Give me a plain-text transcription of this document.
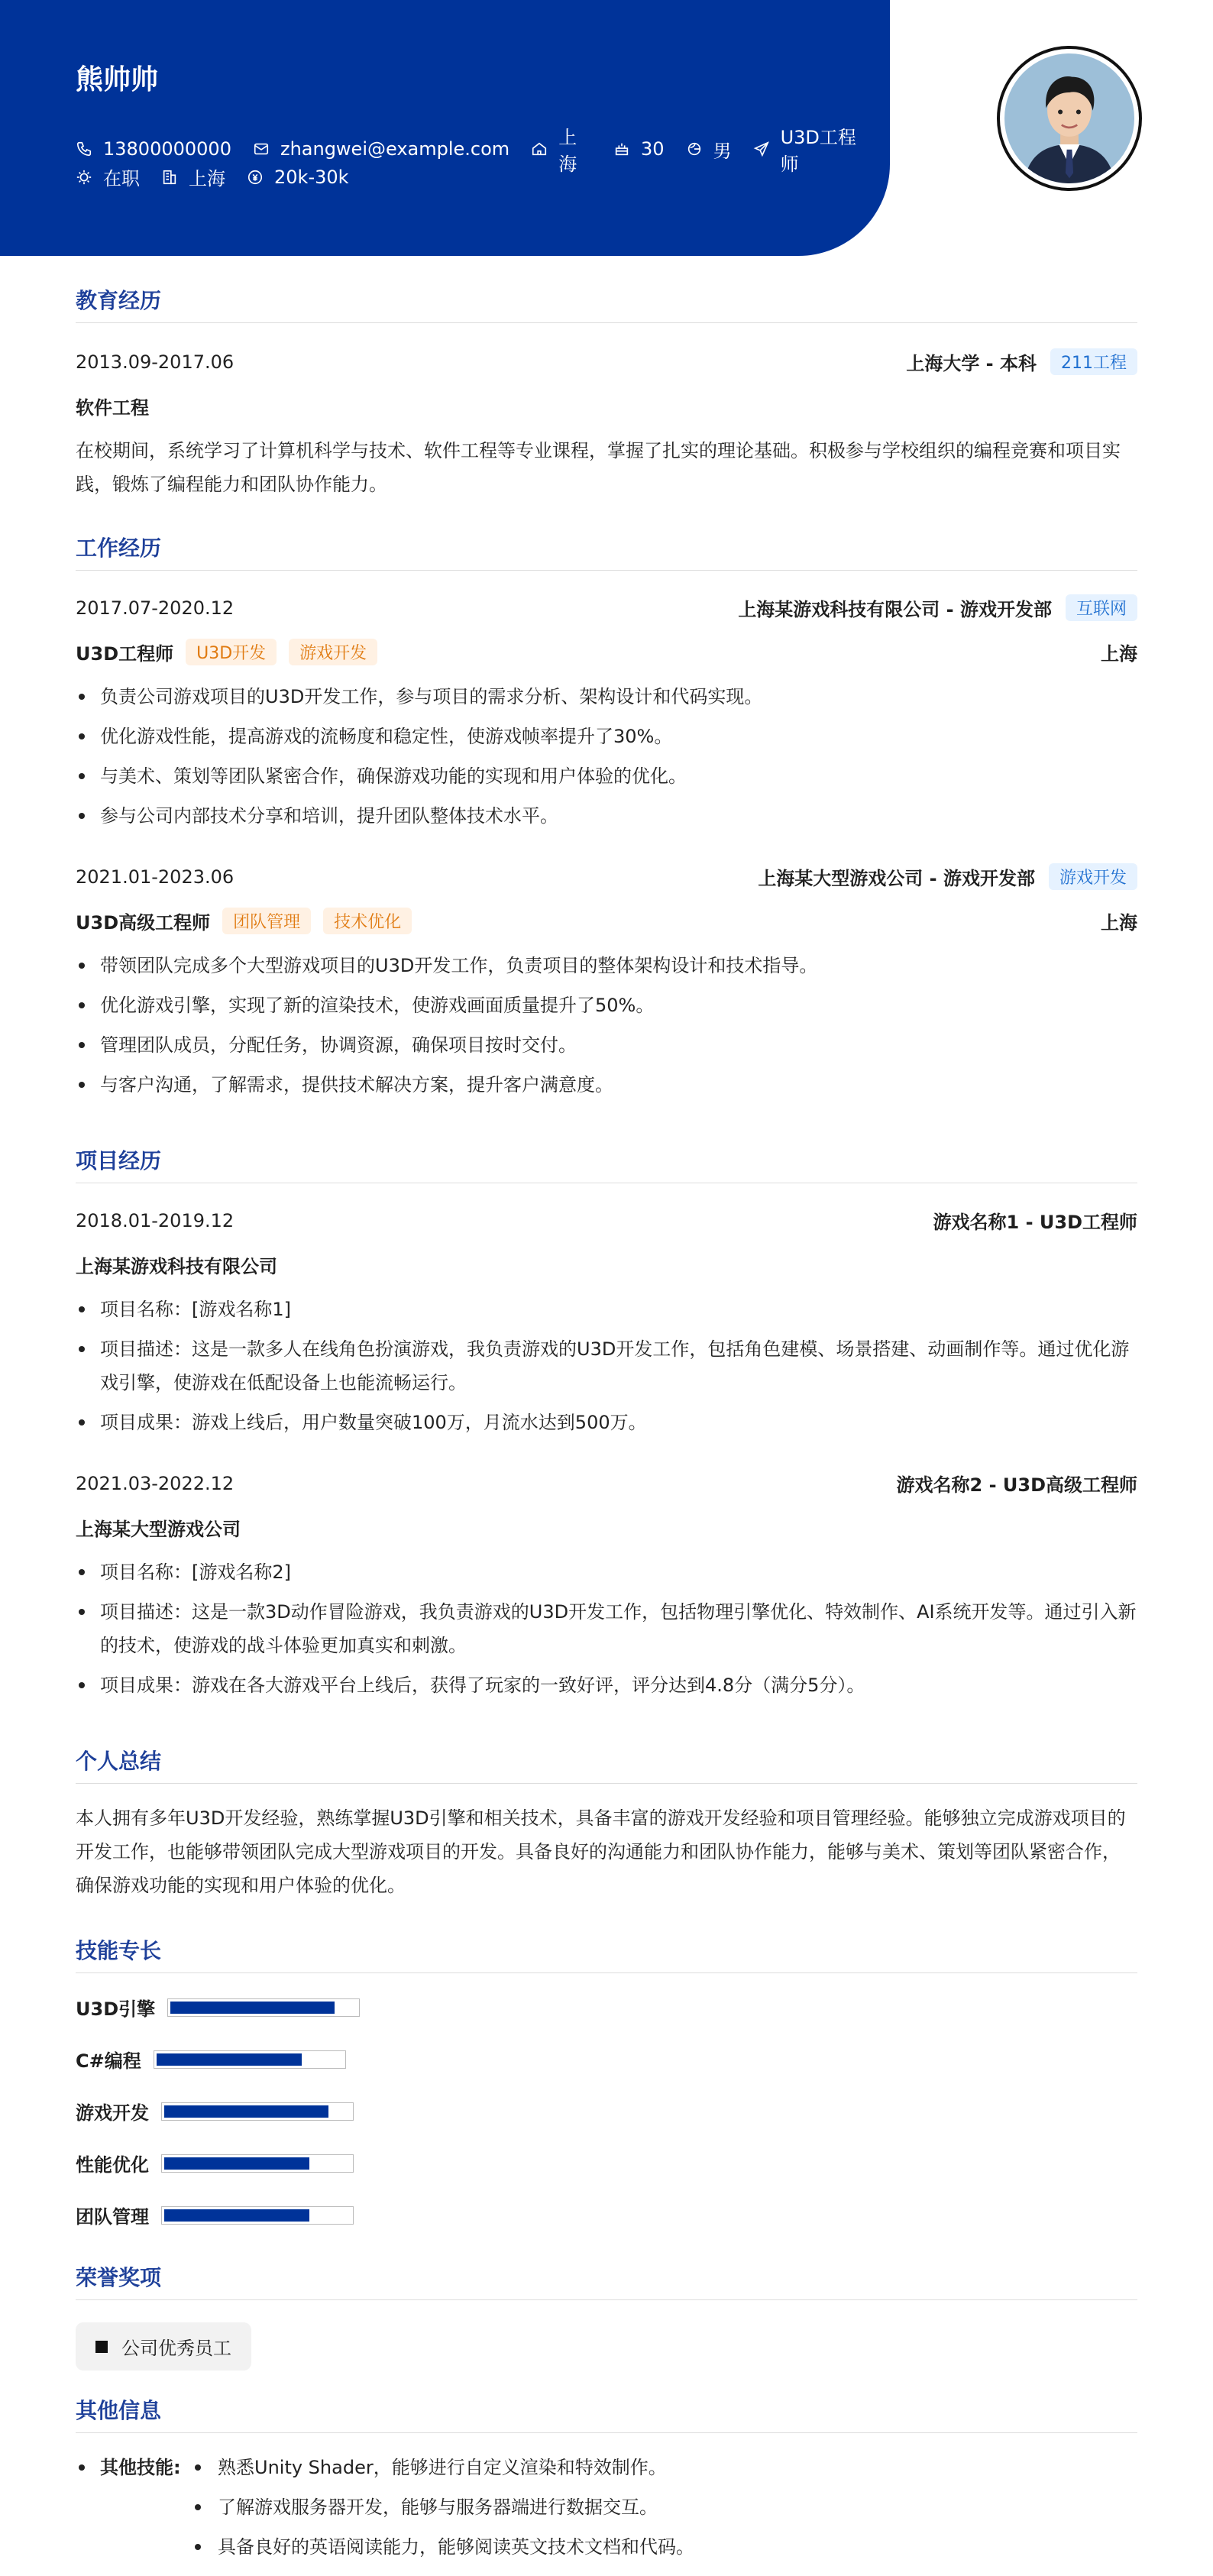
熊帅帅
13800000000	zhangwei@example.com
上海
30	男
U3D工程师
在职	上海	20k-30k
教育经历
2013.09-2017.06	上海大学 - 本科	211工程
软件工程
在校期间，系统学习了计算机科学与技术、软件工程等专业课程，掌握了扎实的理论基础。积极参与学校组织的编程竞赛和项目实践，锻炼了编程能力和团队协作能力。
工作经历
2017.07-2020.12	上海某游戏科技有限公司 - 游戏开发部	互联网
U3D工程师	U3D开发	游戏开发	上海
负责公司游戏项目的U3D开发工作，参与项目的需求分析、架构设计和代码实现。
优化游戏性能，提高游戏的流畅度和稳定性，使游戏帧率提升了30%。
与美术、策划等团队紧密合作，确保游戏功能的实现和用户体验的优化。
参与公司内部技术分享和培训，提升团队整体技术水平。
2021.01-2023.06	上海某大型游戏公司 - 游戏开发部	游戏开发
U3D高级工程师	团队管理	技术优化	上海
带领团队完成多个大型游戏项目的U3D开发工作，负责项目的整体架构设计和技术指导。
优化游戏引擎，实现了新的渲染技术，使游戏画面质量提升了50%。
管理团队成员，分配任务，协调资源，确保项目按时交付。
与客户沟通，了解需求，提供技术解决方案，提升客户满意度。
项目经历
2018.01-2019.12	游戏名称1 - U3D工程师
上海某游戏科技有限公司
项目名称：[游戏名称1]
项目描述：这是一款多人在线角色扮演游戏，我负责游戏的U3D开发工作，包括角色建模、场景搭建、动画制作等。通过优化游戏引擎，使游戏在低配设备上也能流畅运行。
项目成果：游戏上线后，用户数量突破100万，月流水达到500万。
2021.03-2022.12	游戏名称2 - U3D高级工程师
上海某大型游戏公司
项目名称：[游戏名称2]
项目描述：这是一款3D动作冒险游戏，我负责游戏的U3D开发工作，包括物理引擎优化、特效制作、AI系统开发等。通过引入新的技术，使游戏的战斗体验更加真实和刺激。
项目成果：游戏在各大游戏平台上线后，获得了玩家的一致好评，评分达到4.8分（满分5分）。
个人总结
本人拥有多年U3D开发经验，熟练掌握U3D引擎和相关技术，具备丰富的游戏开发经验和项目管理经验。能够独立完成游戏项目的开发工作，也能够带领团队完成大型游戏项目的开发。具备良好的沟通能力和团队协作能力，能够与美术、策划等团队紧密合作，确保游戏功能的实现和用户体验的优化。
技能专长
U3D引擎
C#编程
游戏开发
性能优化
团队管理
荣誉奖项
公司优秀员工
其他信息
其他技能:	熟悉Unity Shader，能够进行自定义渲染和特效制作。
了解游戏服务器开发，能够与服务器端进行数据交互。
具备良好的英语阅读能力，能够阅读英文技术文档和代码。
